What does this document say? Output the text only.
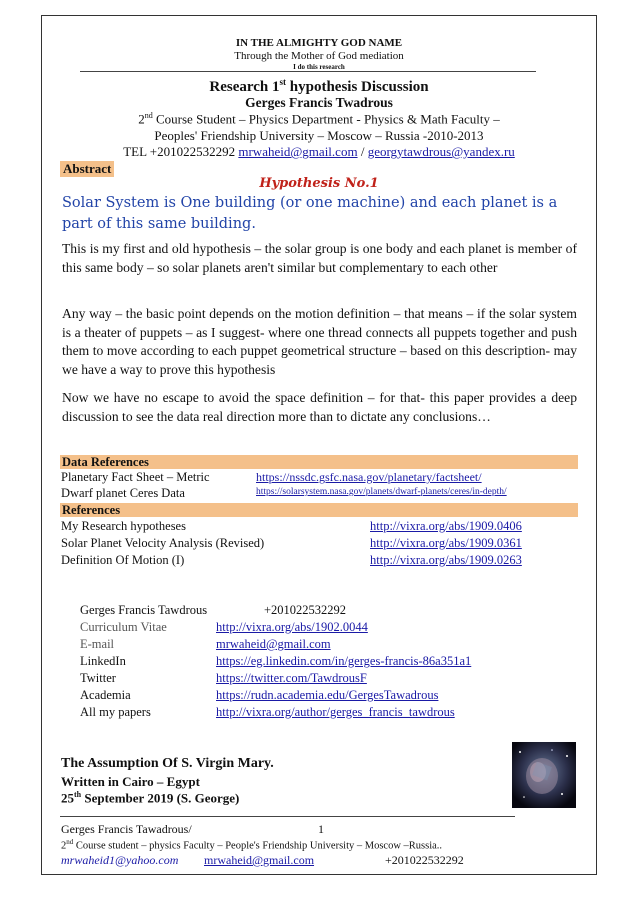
IN THE ALMIGHTY GOD NAME
Through the Mother of God mediation
I do this research
Research 1st hypothesis Discussion
Gerges Francis Twadrous
2nd Course Student – Physics Department - Physics & Math Faculty –
Peoples' Friendship University – Moscow – Russia -2010-2013
TEL +201022532292 mrwaheid@gmail.com / georgytawdrous@yandex.ru
Abstract
Hypothesis No.1
Solar System is One building (or one machine) and each planet is a part of this same building.
This is my first and old hypothesis – the solar group is one body and each planet is member of this same body – so solar planets aren't similar but complementary to each other
Any way – the basic point depends on the motion definition – that means – if the solar system is a theater of puppets – as I suggest- where one thread connects all puppets together and push them to move according to each puppet geometrical structure – based on this description- may we have a way to prove this hypothesis
Now we have no escape to avoid the space definition – for that- this paper provides a deep discussion to see the data real direction more than to dictate any conclusions…
Data References
Planetary Fact Sheet – Metric	https://nssdc.gsfc.nasa.gov/planetary/factsheet/
Dwarf planet Ceres Data	https://solarsystem.nasa.gov/planets/dwarf-planets/ceres/in-depth/
References
My Research hypotheses	http://vixra.org/abs/1909.0406
Solar Planet Velocity Analysis (Revised)	http://vixra.org/abs/1909.0361
Definition Of Motion (I)	http://vixra.org/abs/1909.0263
Gerges Francis Tawdrous	+201022532292
Curriculum Vitae	http://vixra.org/abs/1902.0044
E-mail	mrwaheid@gmail.com
LinkedIn	https://eg.linkedin.com/in/gerges-francis-86a351a1
Twitter	https://twitter.com/TawdrousF
Academia	https://rudn.academia.edu/GergesTawadrous
All my papers	http://vixra.org/author/gerges_francis_tawdrous
The Assumption Of S. Virgin Mary.
Written in Cairo – Egypt
25th September 2019 (S. George)
Gerges Francis Tawadrous/	1
2nd Course student – physics Faculty – People's Friendship University – Moscow –Russia..
mrwaheid1@yahoo.com mrwaheid@gmail.com	+201022532292
